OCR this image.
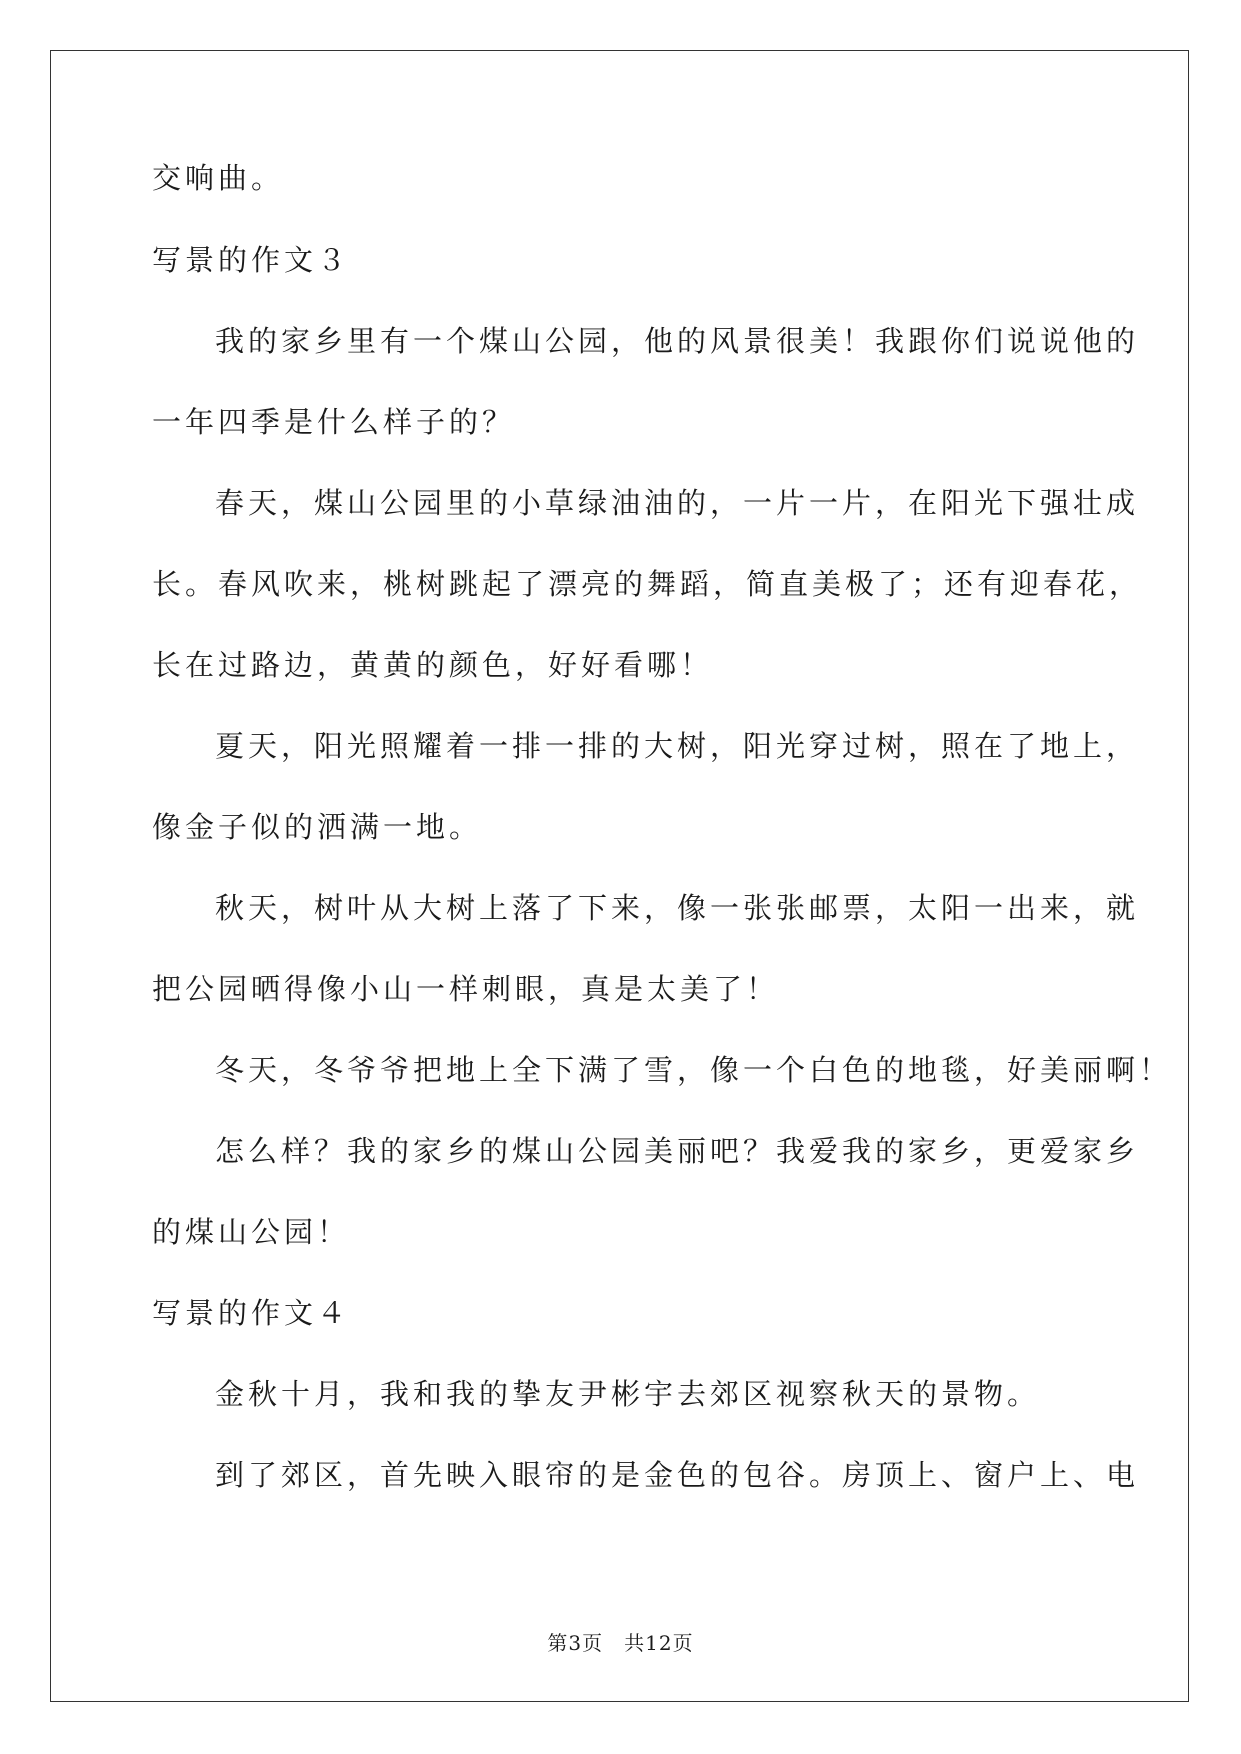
交响曲。
写景的作文３
我的家乡里有一个煤山公园，他的风景很美！我跟你们说说他的
一年四季是什么样子的？
春天，煤山公园里的小草绿油油的，一片一片，在阳光下强壮成
长。春风吹来，桃树跳起了漂亮的舞蹈，简直美极了；还有迎春花，
长在过路边，黄黄的颜色，好好看哪！
夏天，阳光照耀着一排一排的大树，阳光穿过树，照在了地上，
像金子似的洒满一地。
秋天，树叶从大树上落了下来，像一张张邮票，太阳一出来，就
把公园晒得像小山一样刺眼，真是太美了！
冬天，冬爷爷把地上全下满了雪，像一个白色的地毯，好美丽啊！
怎么样？我的家乡的煤山公园美丽吧？我爱我的家乡，更爱家乡
的煤山公园！
写景的作文４
金秋十月，我和我的挚友尹彬宇去郊区视察秋天的景物。
到了郊区，首先映入眼帘的是金色的包谷。房顶上、窗户上、电
第3页　共12页
